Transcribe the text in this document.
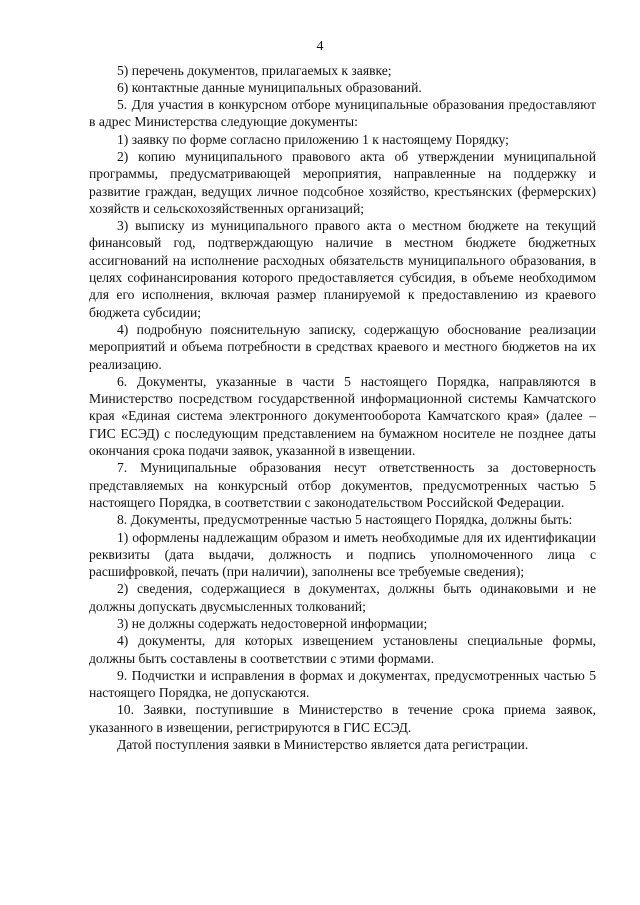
4

5) перечень документов, прилагаемых к заявке;

6) контактные данные муниципальных образований.

5. Для участия в конкурсном отборе муниципальные образования предоставляют в адрес Министерства следующие документы:

1) заявку по форме согласно приложению 1 к настоящему Порядку;

2) копию муниципального правового акта об утверждении муниципальной программы, предусматривающей мероприятия, направленные на поддержку и развитие граждан, ведущих личное подсобное хозяйство, крестьянских (фермерских) хозяйств и сельскохозяйственных организаций;

3) выписку из муниципального правого акта о местном бюджете на текущий финансовый год, подтверждающую наличие в местном бюджете бюджетных ассигнований на исполнение расходных обязательств муниципального образования, в целях софинансирования которого предоставляется субсидия, в объеме необходимом для его исполнения, включая размер планируемой к предоставлению из краевого бюджета субсидии;

4) подробную пояснительную записку, содержащую обоснование реализации мероприятий и объема потребности в средствах краевого и местного бюджетов на их реализацию.

6. Документы, указанные в части 5 настоящего Порядка, направляются в Министерство посредством государственной информационной системы Камчатского края «Единая система электронного документооборота Камчатского края» (далее – ГИС ЕСЭД) с последующим представлением на бумажном носителе не позднее даты окончания срока подачи заявок, указанной в извещении.

7. Муниципальные образования несут ответственность за достоверность представляемых на конкурсный отбор документов, предусмотренных частью 5 настоящего Порядка, в соответствии с законодательством Российской Федерации.

8. Документы, предусмотренные частью 5 настоящего Порядка, должны быть:

1) оформлены надлежащим образом и иметь необходимые для их идентификации реквизиты (дата выдачи, должность и подпись уполномоченного лица с расшифровкой, печать (при наличии), заполнены все требуемые сведения);

2) сведения, содержащиеся в документах, должны быть одинаковыми и не должны допускать двусмысленных толкований;

3) не должны содержать недостоверной информации;

4) документы, для которых извещением установлены специальные формы, должны быть составлены в соответствии с этими формами.

9. Подчистки и исправления в формах и документах, предусмотренных частью 5 настоящего Порядка, не допускаются.

10. Заявки, поступившие в Министерство в течение срока приема заявок, указанного в извещении, регистрируются в ГИС ЕСЭД.

Датой поступления заявки в Министерство является дата регистрации.
